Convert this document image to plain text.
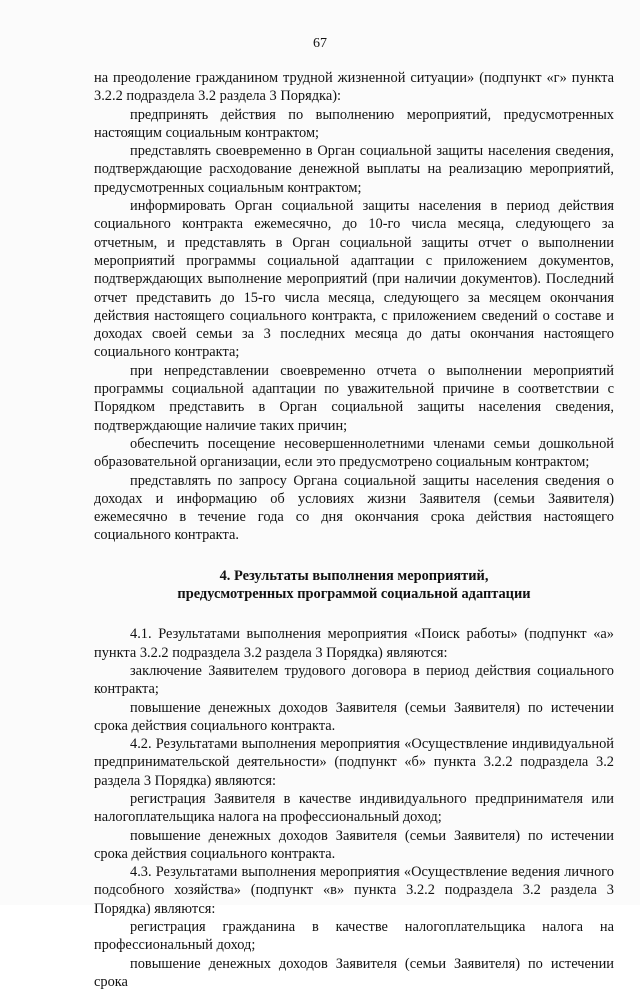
67

на преодоление гражданином трудной жизненной ситуации» (подпункт «г» пункта 3.2.2 подраздела 3.2 раздела 3 Порядка):

предпринять действия по выполнению мероприятий, предусмотренных настоящим социальным контрактом;

представлять своевременно в Орган социальной защиты населения сведения, подтверждающие расходование денежной выплаты на реализацию мероприятий, предусмотренных социальным контрактом;

информировать Орган социальной защиты населения в период действия социального контракта ежемесячно, до 10-го числа месяца, следующего за отчетным, и представлять в Орган социальной защиты отчет о выполнении мероприятий программы социальной адаптации с приложением документов, подтверждающих выполнение мероприятий (при наличии документов). Последний отчет представить до 15-го числа месяца, следующего за месяцем окончания действия настоящего социального контракта, с приложением сведений о составе и доходах своей семьи за 3 последних месяца до даты окончания настоящего социального контракта;

при непредставлении своевременно отчета о выполнении мероприятий программы социальной адаптации по уважительной причине в соответствии с Порядком представить в Орган социальной защиты населения сведения, подтверждающие наличие таких причин;

обеспечить посещение несовершеннолетними членами семьи дошкольной образовательной организации, если это предусмотрено социальным контрактом;

представлять по запросу Органа социальной защиты населения сведения о доходах и информацию об условиях жизни Заявителя (семьи Заявителя) ежемесячно в течение года со дня окончания срока действия настоящего социального контракта.

4. Результаты выполнения мероприятий,
предусмотренных программой социальной адаптации

4.1. Результатами выполнения мероприятия «Поиск работы» (подпункт «а» пункта 3.2.2 подраздела 3.2 раздела 3 Порядка) являются:

заключение Заявителем трудового договора в период действия социального контракта;

повышение денежных доходов Заявителя (семьи Заявителя) по истечении срока действия социального контракта.

4.2. Результатами выполнения мероприятия «Осуществление индивидуальной предпринимательской деятельности» (подпункт «б» пункта 3.2.2 подраздела 3.2 раздела 3 Порядка) являются:

регистрация Заявителя в качестве индивидуального предпринимателя или налогоплательщика налога на профессиональный доход;

повышение денежных доходов Заявителя (семьи Заявителя) по истечении срока действия социального контракта.

4.3. Результатами выполнения мероприятия «Осуществление ведения личного подсобного хозяйства» (подпункт «в» пункта 3.2.2 подраздела 3.2 раздела 3 Порядка) являются:

регистрация гражданина в качестве налогоплательщика налога на профессиональный доход;

повышение денежных доходов Заявителя (семьи Заявителя) по истечении срока
